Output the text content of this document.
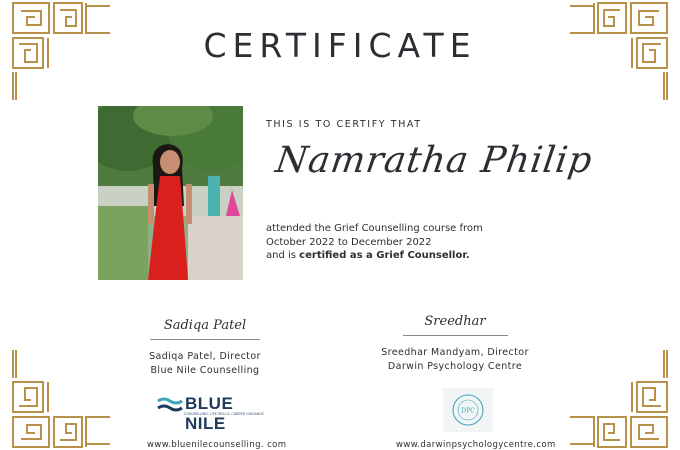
CERTIFICATE
THIS IS TO CERTIFY THAT
Namratha Philip
attended the Grief Counselling course from
October 2022 to December 2022
and is certified as a Grief Counsellor.
Sadiqa Patel
Sadiqa Patel, Director
Blue Nile Counselling
Sreedhar
Sreedhar Mandyam, Director
Darwin Psychology Centre
BLUE NILE
COUNSELLING, LIFE SKILLS, CAREER GUIDANCE	DPC
www.bluenilecounselling. com	www.darwinpsychologycentre.com
